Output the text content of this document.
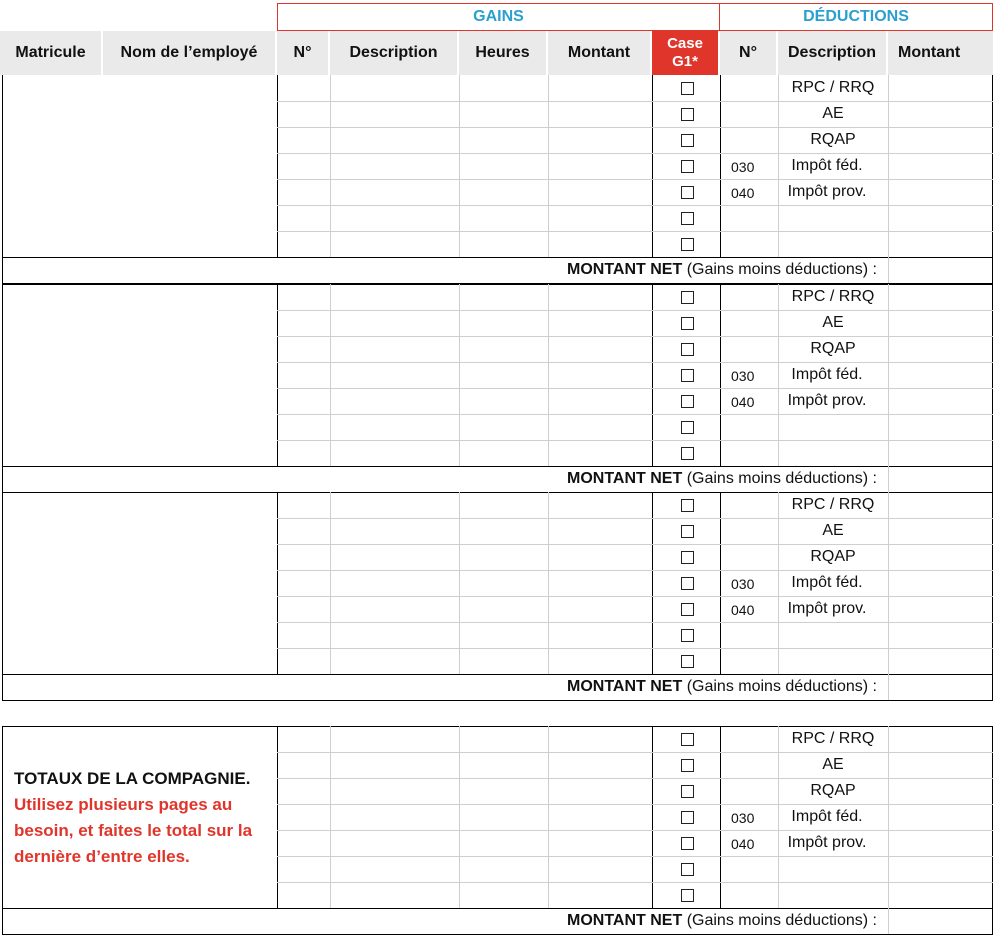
GAINS	DÉDUCTIONS
Matricule Nom de l’employé N° Description Heures Montant
Case
G1*
N° Description Montant
RPC / RRQ
AE
RQAP
Impôt féd.
030
Impôt prov.
040
MONTANT NET (Gains moins déductions) :
RPC / RRQ
AE
RQAP
Impôt féd.
030
Impôt prov.
040
MONTANT NET (Gains moins déductions) :
RPC / RRQ
AE
RQAP
Impôt féd.
030
Impôt prov.
040
MONTANT NET (Gains moins déductions) :
RPC / RRQ
AE
RQAP
Impôt féd.
030
Impôt prov.
040
MONTANT NET (Gains moins déductions) :
TOTAUX DE LA COMPAGNIE.
Utilisez plusieurs pages au besoin, et faites le total sur la dernière d’entre elles.
